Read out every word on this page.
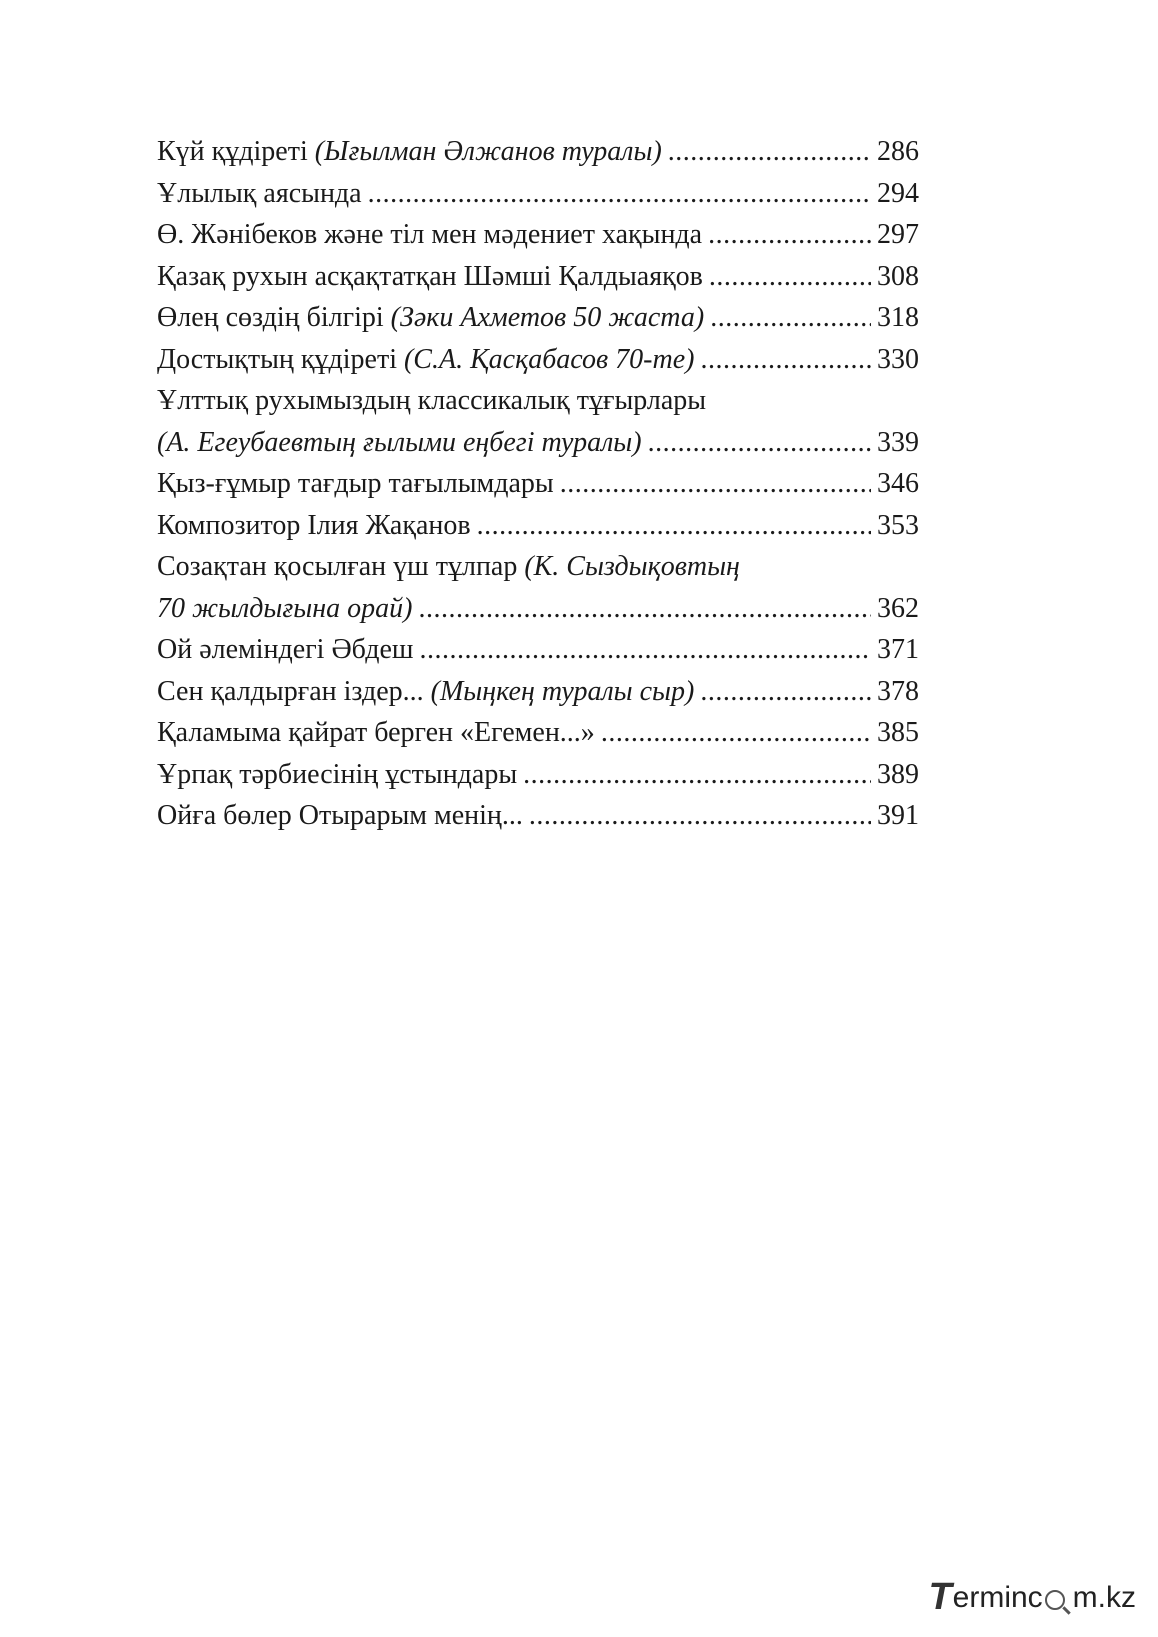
Күй құдіреті (Ығылман Әлжанов туралы) .....	286
Ұлылық аясында .....	294
Ө. Жәнібеков және тіл мен мәдениет хақында .....	297
Қазақ рухын асқақтатқан Шәмші Қалдыаяқов .....	308
Өлең сөздің білгірі (Зәки Ахметов 50 жаста) .....	318
Достықтың құдіреті (С.А. Қасқабасов 70-те) .....	330
Ұлттық рухымыздың классикалық тұғырлары
(А. Егеубаевтың ғылыми еңбегі туралы) .....	339
Қыз-ғұмыр тағдыр тағылымдары .....	346
Композитор Ілия Жақанов .....	353
Созақтан қосылған үш тұлпар (К. Сыздықовтың
70 жылдығына орай) .....	362
Ой әлеміндегі Әбдеш .....	371
Сен қалдырған іздер... (Мыңкең туралы сыр) .....	378
Қаламыма қайрат берген «Егемен...» .....	385
Ұрпақ тәрбиесінің ұстындары .....	389
Ойға бөлер Отырарым менің... .....	391
T erminc m.kz
